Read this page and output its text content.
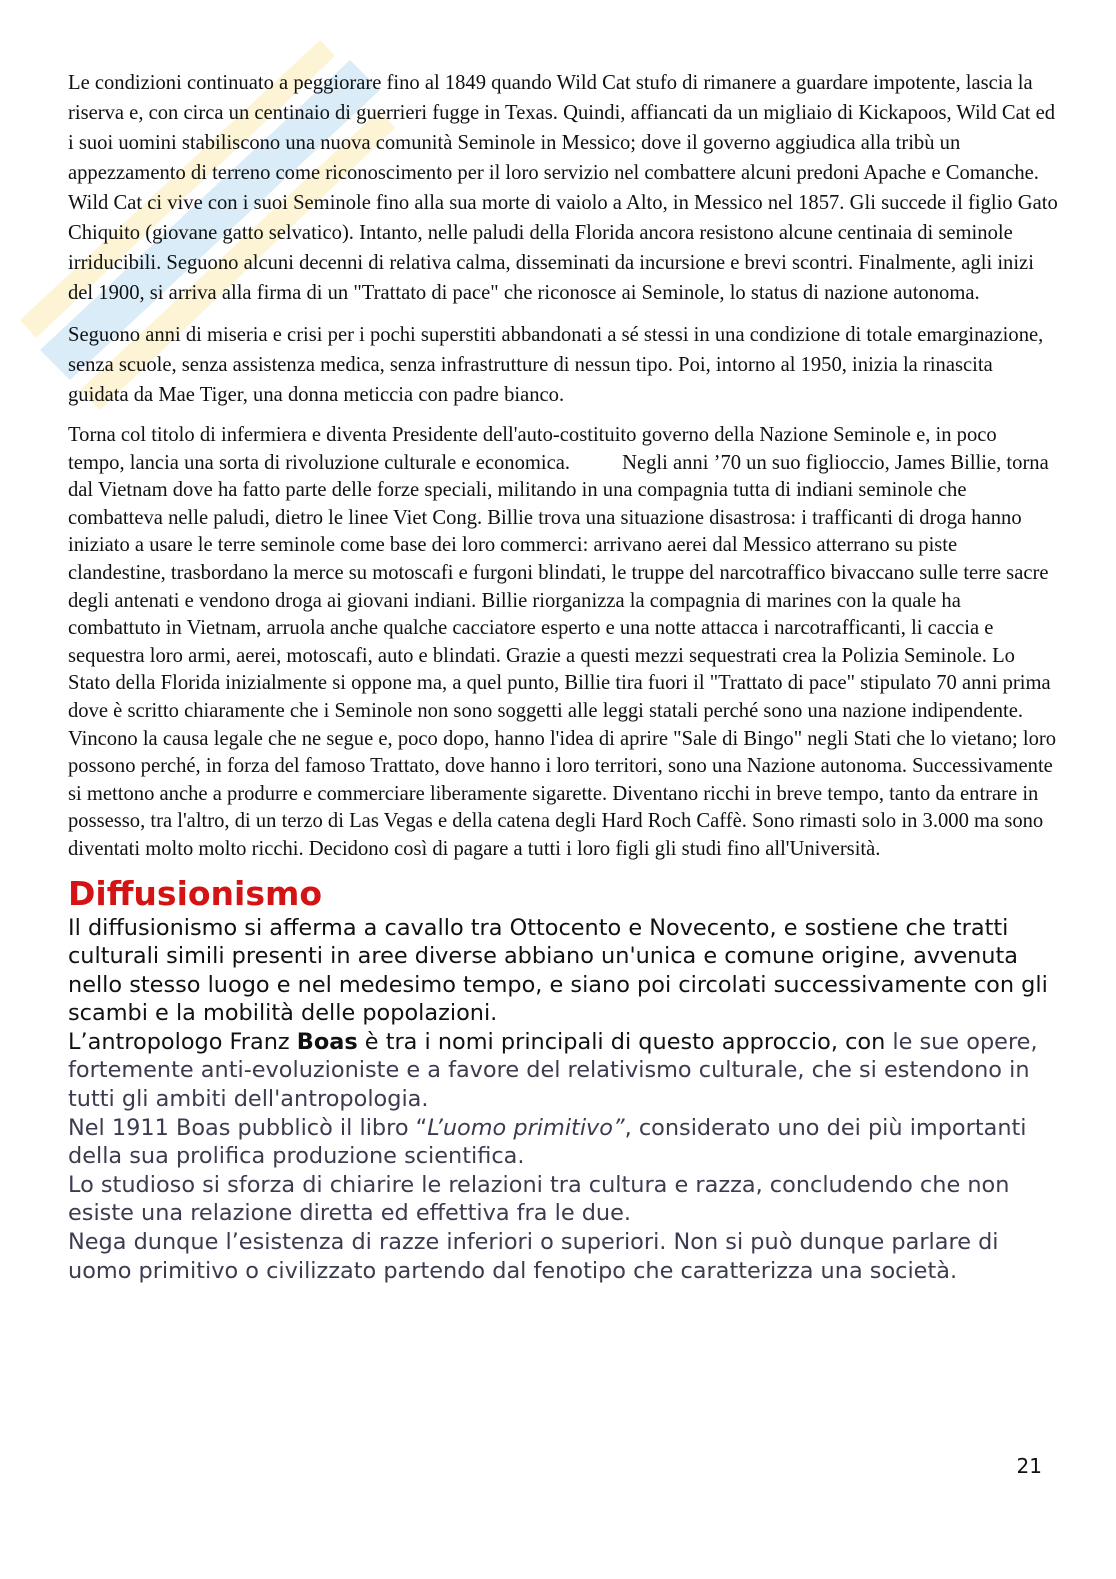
Le condizioni continuato a peggiorare fino al 1849 quando Wild Cat stufo di rimanere a guardare impotente, lascia la riserva e, con circa un centinaio di guerrieri fugge in Texas. Quindi, affiancati da un migliaio di Kickapoos, Wild Cat ed i suoi uomini stabiliscono una nuova comunità Seminole in Messico; dove il governo aggiudica alla tribù un appezzamento di terreno come riconoscimento per il loro servizio nel combattere alcuni predoni Apache e Comanche. Wild Cat ci vive con i suoi Seminole fino alla sua morte di vaiolo a Alto, in Messico nel 1857. Gli succede il figlio Gato Chiquito (giovane gatto selvatico). Intanto, nelle paludi della Florida ancora resistono alcune centinaia di seminole irriducibili. Seguono alcuni decenni di relativa calma, disseminati da incursione e brevi scontri. Finalmente, agli inizi del 1900, si arriva alla firma di un "Trattato di pace" che riconosce ai Seminole, lo status di nazione autonoma.

Seguono anni di miseria e crisi per i pochi superstiti abbandonati a sé stessi in una condizione di totale emarginazione, senza scuole, senza assistenza medica, senza infrastrutture di nessun tipo. Poi, intorno al 1950, inizia la rinascita guidata da Mae Tiger, una donna meticcia con padre bianco.

Torna col titolo di infermiera e diventa Presidente dell'auto-costituito governo della Nazione Seminole e, in poco tempo, lancia una sorta di rivoluzione culturale e economica.	Negli anni ’70 un suo figlioccio, James Billie, torna dal Vietnam dove ha fatto parte delle forze speciali, militando in una compagnia tutta di indiani seminole che combatteva nelle paludi, dietro le linee Viet Cong. Billie trova una situazione disastrosa: i trafficanti di droga hanno iniziato a usare le terre seminole come base dei loro commerci: arrivano aerei dal Messico atterrano su piste clandestine, trasbordano la merce su motoscafi e furgoni blindati, le truppe del narcotraffico bivaccano sulle terre sacre degli antenati e vendono droga ai giovani indiani. Billie riorganizza la compagnia di marines con la quale ha combattuto in Vietnam, arruola anche qualche cacciatore esperto e una notte attacca i narcotrafficanti, li caccia e sequestra loro armi, aerei, motoscafi, auto e blindati. Grazie a questi mezzi sequestrati crea la Polizia Seminole. Lo Stato della Florida inizialmente si oppone ma, a quel punto, Billie tira fuori il "Trattato di pace" stipulato 70 anni prima dove è scritto chiaramente che i Seminole non sono soggetti alle leggi statali perché sono una nazione indipendente. Vincono la causa legale che ne segue e, poco dopo, hanno l'idea di aprire "Sale di Bingo" negli Stati che lo vietano; loro possono perché, in forza del famoso Trattato, dove hanno i loro territori, sono una Nazione autonoma. Successivamente si mettono anche a produrre e commerciare liberamente sigarette. Diventano ricchi in breve tempo, tanto da entrare in possesso, tra l'altro, di un terzo di Las Vegas e della catena degli Hard Roch Caffè. Sono rimasti solo in 3.000 ma sono diventati molto molto ricchi. Decidono così di pagare a tutti i loro figli gli studi fino all'Università.

Diffusionismo

Il diffusionismo si afferma a cavallo tra Ottocento e Novecento, e sostiene che tratti culturali simili presenti in aree diverse abbiano un'unica e comune origine, avvenuta nello stesso luogo e nel medesimo tempo, e siano poi circolati successivamente con gli scambi e la mobilità delle popolazioni.

L’antropologo Franz Boas è tra i nomi principali di questo approccio, con le sue opere, fortemente anti-evoluzioniste e a favore del relativismo culturale, che si estendono in tutti gli ambiti dell'antropologia.

Nel 1911 Boas pubblicò il libro “L’uomo primitivo”, considerato uno dei più importanti della sua prolifica produzione scientifica.

Lo studioso si sforza di chiarire le relazioni tra cultura e razza, concludendo che non esiste una relazione diretta ed effettiva fra le due.

Nega dunque l’esistenza di razze inferiori o superiori. Non si può dunque parlare di uomo primitivo o civilizzato partendo dal fenotipo che caratterizza una società.

21
